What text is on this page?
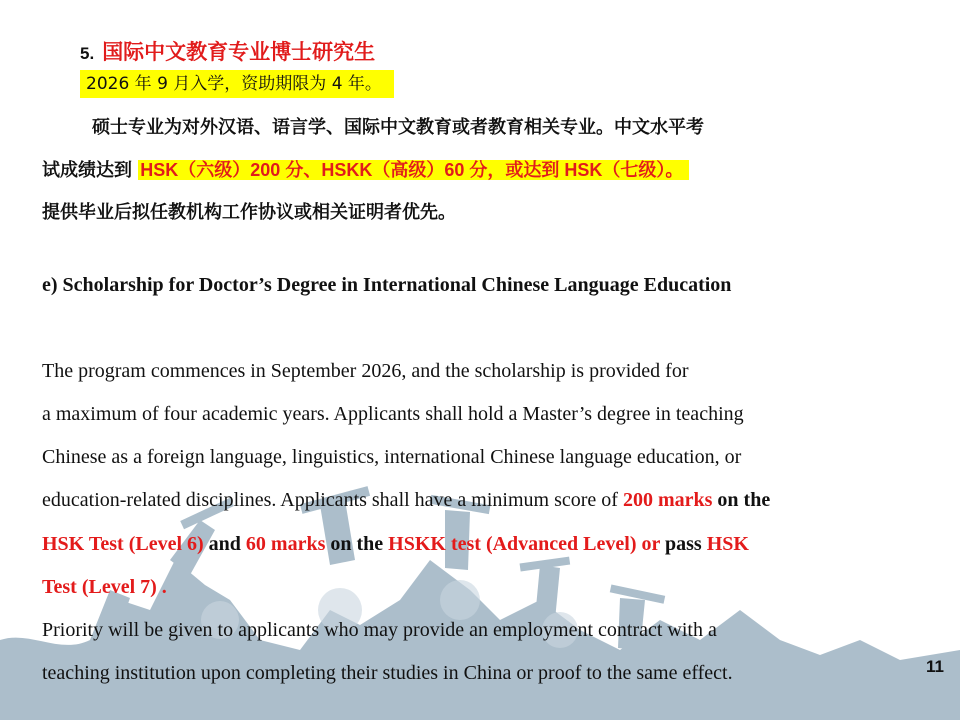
5. 国际中文教育专业博士研究生
2026 年 9 月入学，资助期限为 4 年。
硕士专业为对外汉语、语言学、国际中文教育或者教育相关专业。中文水平考
试成绩达到 HSK（六级）200 分、HSKK（高级）60 分，或达到 HSK（七级）。
提供毕业后拟任教机构工作协议或相关证明者优先。
e) Scholarship for Doctor’s Degree in International Chinese Language Education
The program commences in September 2026, and the scholarship is provided for
a maximum of four academic years. Applicants shall hold a Master’s degree in teaching
Chinese as a foreign language, linguistics, international Chinese language education, or
education-related disciplines. Applicants shall have a minimum score of 200 marks on the
HSK Test (Level 6) and 60 marks on the HSKK test (Advanced Level) or pass HSK
Test (Level 7) .
Priority will be given to applicants who may provide an employment contract with a
teaching institution upon completing their studies in China or proof to the same effect.	11
